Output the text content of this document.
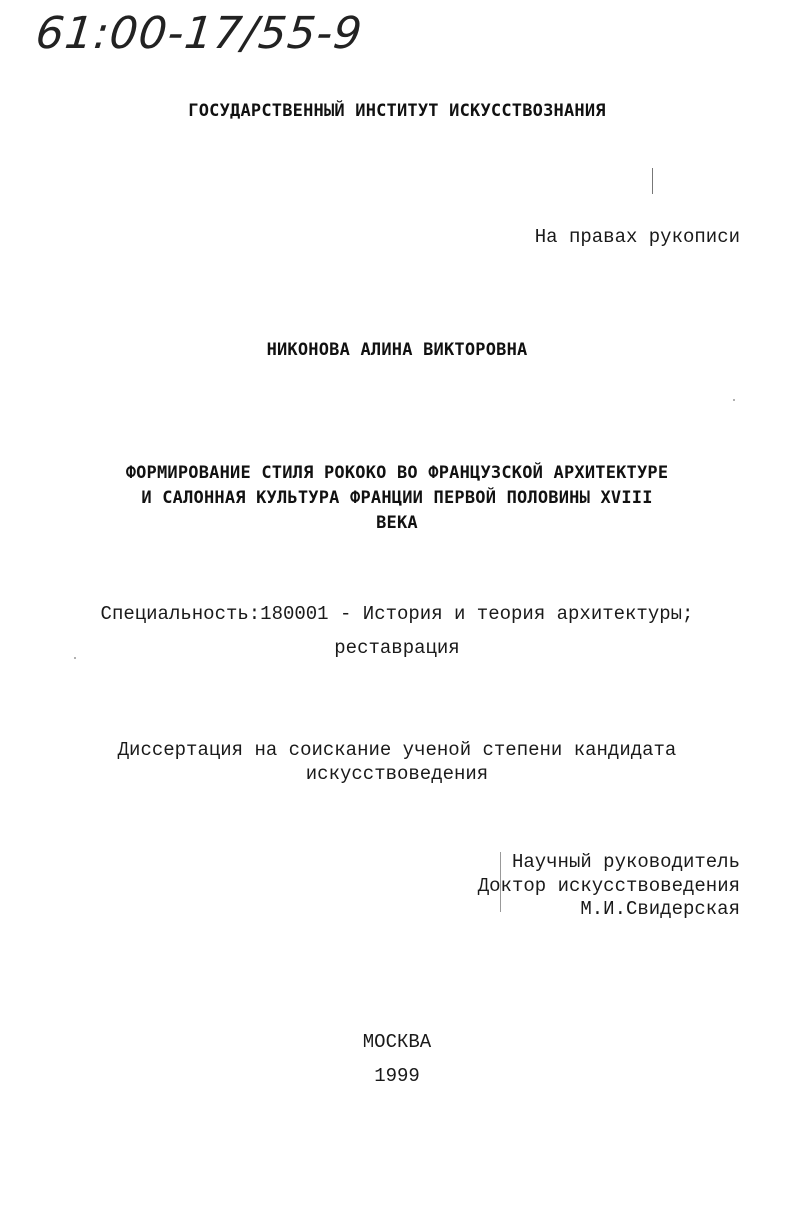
61:00-17/55-9
ГОСУДАРСТВЕННЫЙ ИНСТИТУТ ИСКУССТВОЗНАНИЯ
На правах рукописи
НИКОНОВА АЛИНА ВИКТОРОВНА
ФОРМИРОВАНИЕ СТИЛЯ РОКОКО ВО ФРАНЦУЗСКОЙ АРХИТЕКТУРЕ
И САЛОННАЯ КУЛЬТУРА ФРАНЦИИ ПЕРВОЙ ПОЛОВИНЫ XVIII
ВЕКА
Специальность:180001 - История и теория архитектуры;
реставрация
Диссертация на соискание ученой степени кандидата
искусствоведения
Научный руководитель
Доктор искусствоведения
М.И.Свидерская
МОСКВА
1999
